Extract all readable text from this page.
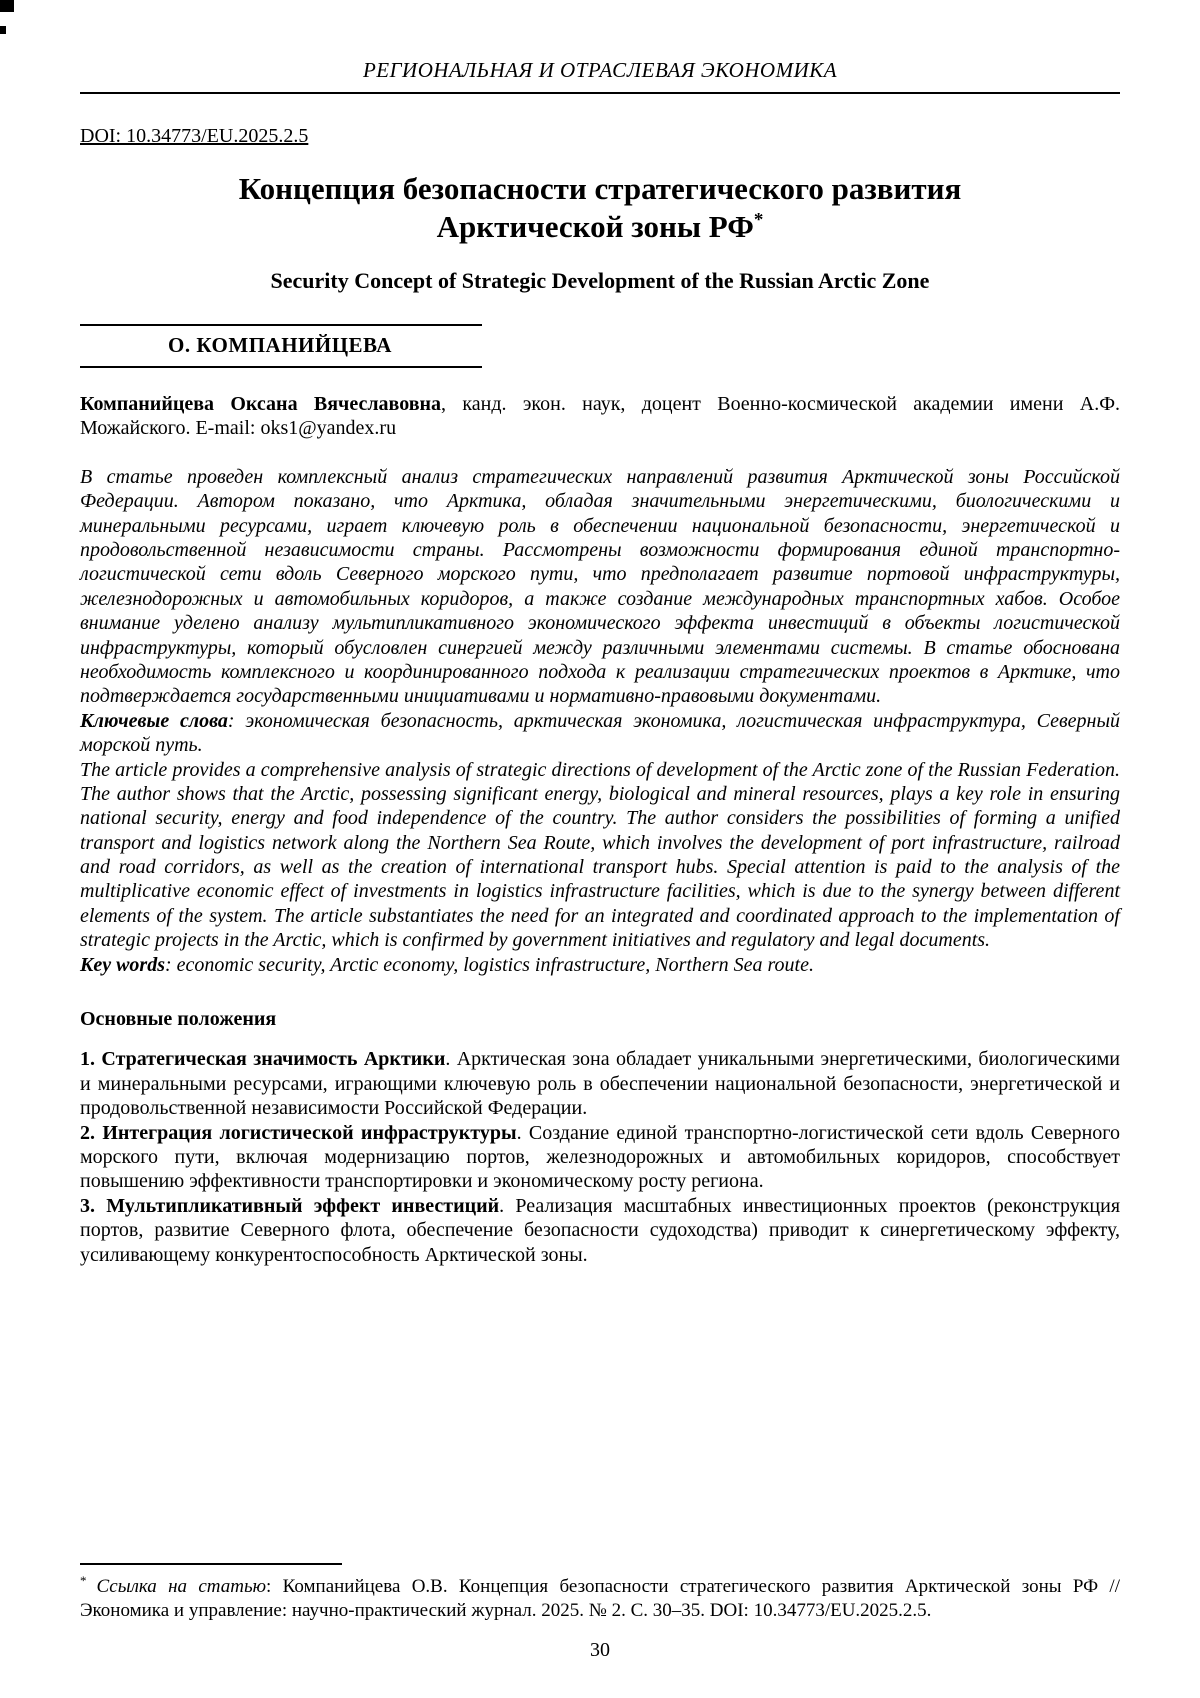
РЕГИОНАЛЬНАЯ И ОТРАСЛЕВАЯ ЭКОНОМИКА
DOI: 10.34773/EU.2025.2.5
Концепция безопасности стратегического развития
Арктической зоны РФ*
Security Concept of Strategic Development of the Russian Arctic Zone
О. КОМПАНИЙЦЕВА

Компанийцева Оксана Вячеславовна, канд. экон. наук, доцент Военно-космической академии имени А.Ф. Можайского. E-mail: oks1@yandex.ru

В статье проведен комплексный анализ стратегических направлений развития Арктической зоны Российской Федерации. Автором показано, что Арктика, обладая значительными энергетическими, биологическими и минеральными ресурсами, играет ключевую роль в обеспечении национальной безопасности, энергетической и продовольственной независимости страны. Рассмотрены возможности формирования единой транспортно-логистической сети вдоль Северного морского пути, что предполагает развитие портовой инфраструктуры, железнодорожных и автомобильных коридоров, а также создание международных транспортных хабов. Особое внимание уделено анализу мультипликативного экономического эффекта инвестиций в объекты логистической инфраструктуры, который обусловлен синергией между различными элементами системы. В статье обоснована необходимость комплексного и координированного подхода к реализации стратегических проектов в Арктике, что подтверждается государственными инициативами и нормативно-правовыми документами.

Ключевые слова: экономическая безопасность, арктическая экономика, логистическая инфраструктура, Северный морской путь.

The article provides a comprehensive analysis of strategic directions of development of the Arctic zone of the Russian Federation. The author shows that the Arctic, possessing significant energy, biological and mineral resources, plays a key role in ensuring national security, energy and food independence of the country. The author considers the possibilities of forming a unified transport and logistics network along the Northern Sea Route, which involves the development of port infrastructure, railroad and road corridors, as well as the creation of international transport hubs. Special attention is paid to the analysis of the multiplicative economic effect of investments in logistics infrastructure facilities, which is due to the synergy between different elements of the system. The article substantiates the need for an integrated and coordinated approach to the implementation of strategic projects in the Arctic, which is confirmed by government initiatives and regulatory and legal documents.

Key words: economic security, Arctic economy, logistics infrastructure, Northern Sea route.

Основные положения

1. Стратегическая значимость Арктики. Арктическая зона обладает уникальными энергетическими, биологическими и минеральными ресурсами, играющими ключевую роль в обеспечении национальной безопасности, энергетической и продовольственной независимости Российской Федерации.

2. Интеграция логистической инфраструктуры. Создание единой транспортно-логистической сети вдоль Северного морского пути, включая модернизацию портов, железнодорожных и автомобильных коридоров, способствует повышению эффективности транспортировки и экономическому росту региона.

3. Мультипликативный эффект инвестиций. Реализация масштабных инвестиционных проектов (реконструкция портов, развитие Северного флота, обеспечение безопасности судоходства) приводит к синергетическому эффекту, усиливающему конкурентоспособность Арктической зоны.

* Ссылка на статью: Компанийцева О.В. Концепция безопасности стратегического развития Арктической зоны РФ // Экономика и управление: научно-практический журнал. 2025. № 2. С. 30–35. DOI: 10.34773/EU.2025.2.5.

30
